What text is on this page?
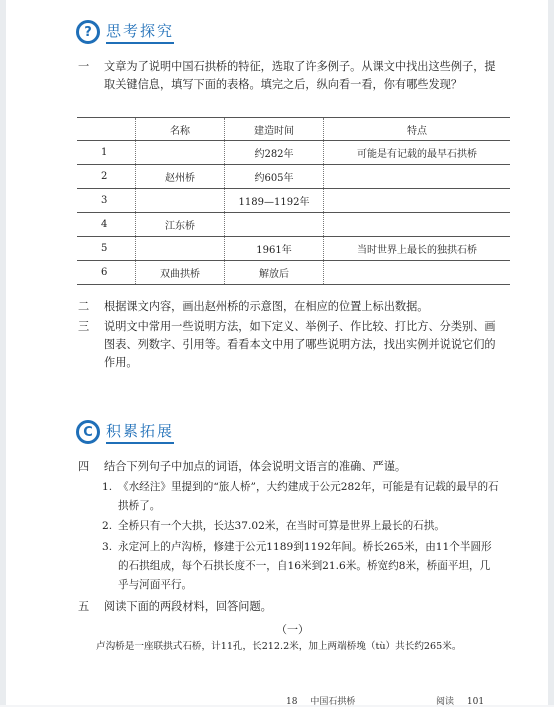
? 思考探究
一 文章为了说明中国石拱桥的特征，选取了许多例子。从课文中找出这些例子，提取关键信息，填写下面的表格。填完之后，纵向看一看，你有哪些发现？
	名称	建造时间	特点
1		约282年	可能是有记载的最早石拱桥
2	赵州桥	约605年	
3		1189—1192年	
4	江东桥		
5		1961年	当时世界上最长的独拱石桥
6	双曲拱桥	解放后	
二 根据课文内容，画出赵州桥的示意图，在相应的位置上标出数据。
三 说明文中常用一些说明方法，如下定义、举例子、作比较、打比方、分类别、画图表、列数字、引用等。看看本文中用了哪些说明方法，找出实例并说说它们的作用。
C 积累拓展
四 结合下列句子中加点的词语，体会说明文语言的准确、严谨。
1. 《水经注》里提到的“旅人桥”，大约建成于公元282年，可能是有记载的最早的石拱桥了。
2. 全桥只有一个大拱，长达37.02米，在当时可算是世界上最长的石拱。
3. 永定河上的卢沟桥，修建于公元1189到1192年间。桥长265米，由11个半圆形的石拱组成，每个石拱长度不一，自16米到21.6米。桥宽约8米，桥面平坦，几乎与河面平行。
五 阅读下面的两段材料，回答问题。
（一）
卢沟桥是一座联拱式石桥，计11孔，长212.2米，加上两端桥堍（tù）共长约265米。
18 中国石拱桥	阅读 101
